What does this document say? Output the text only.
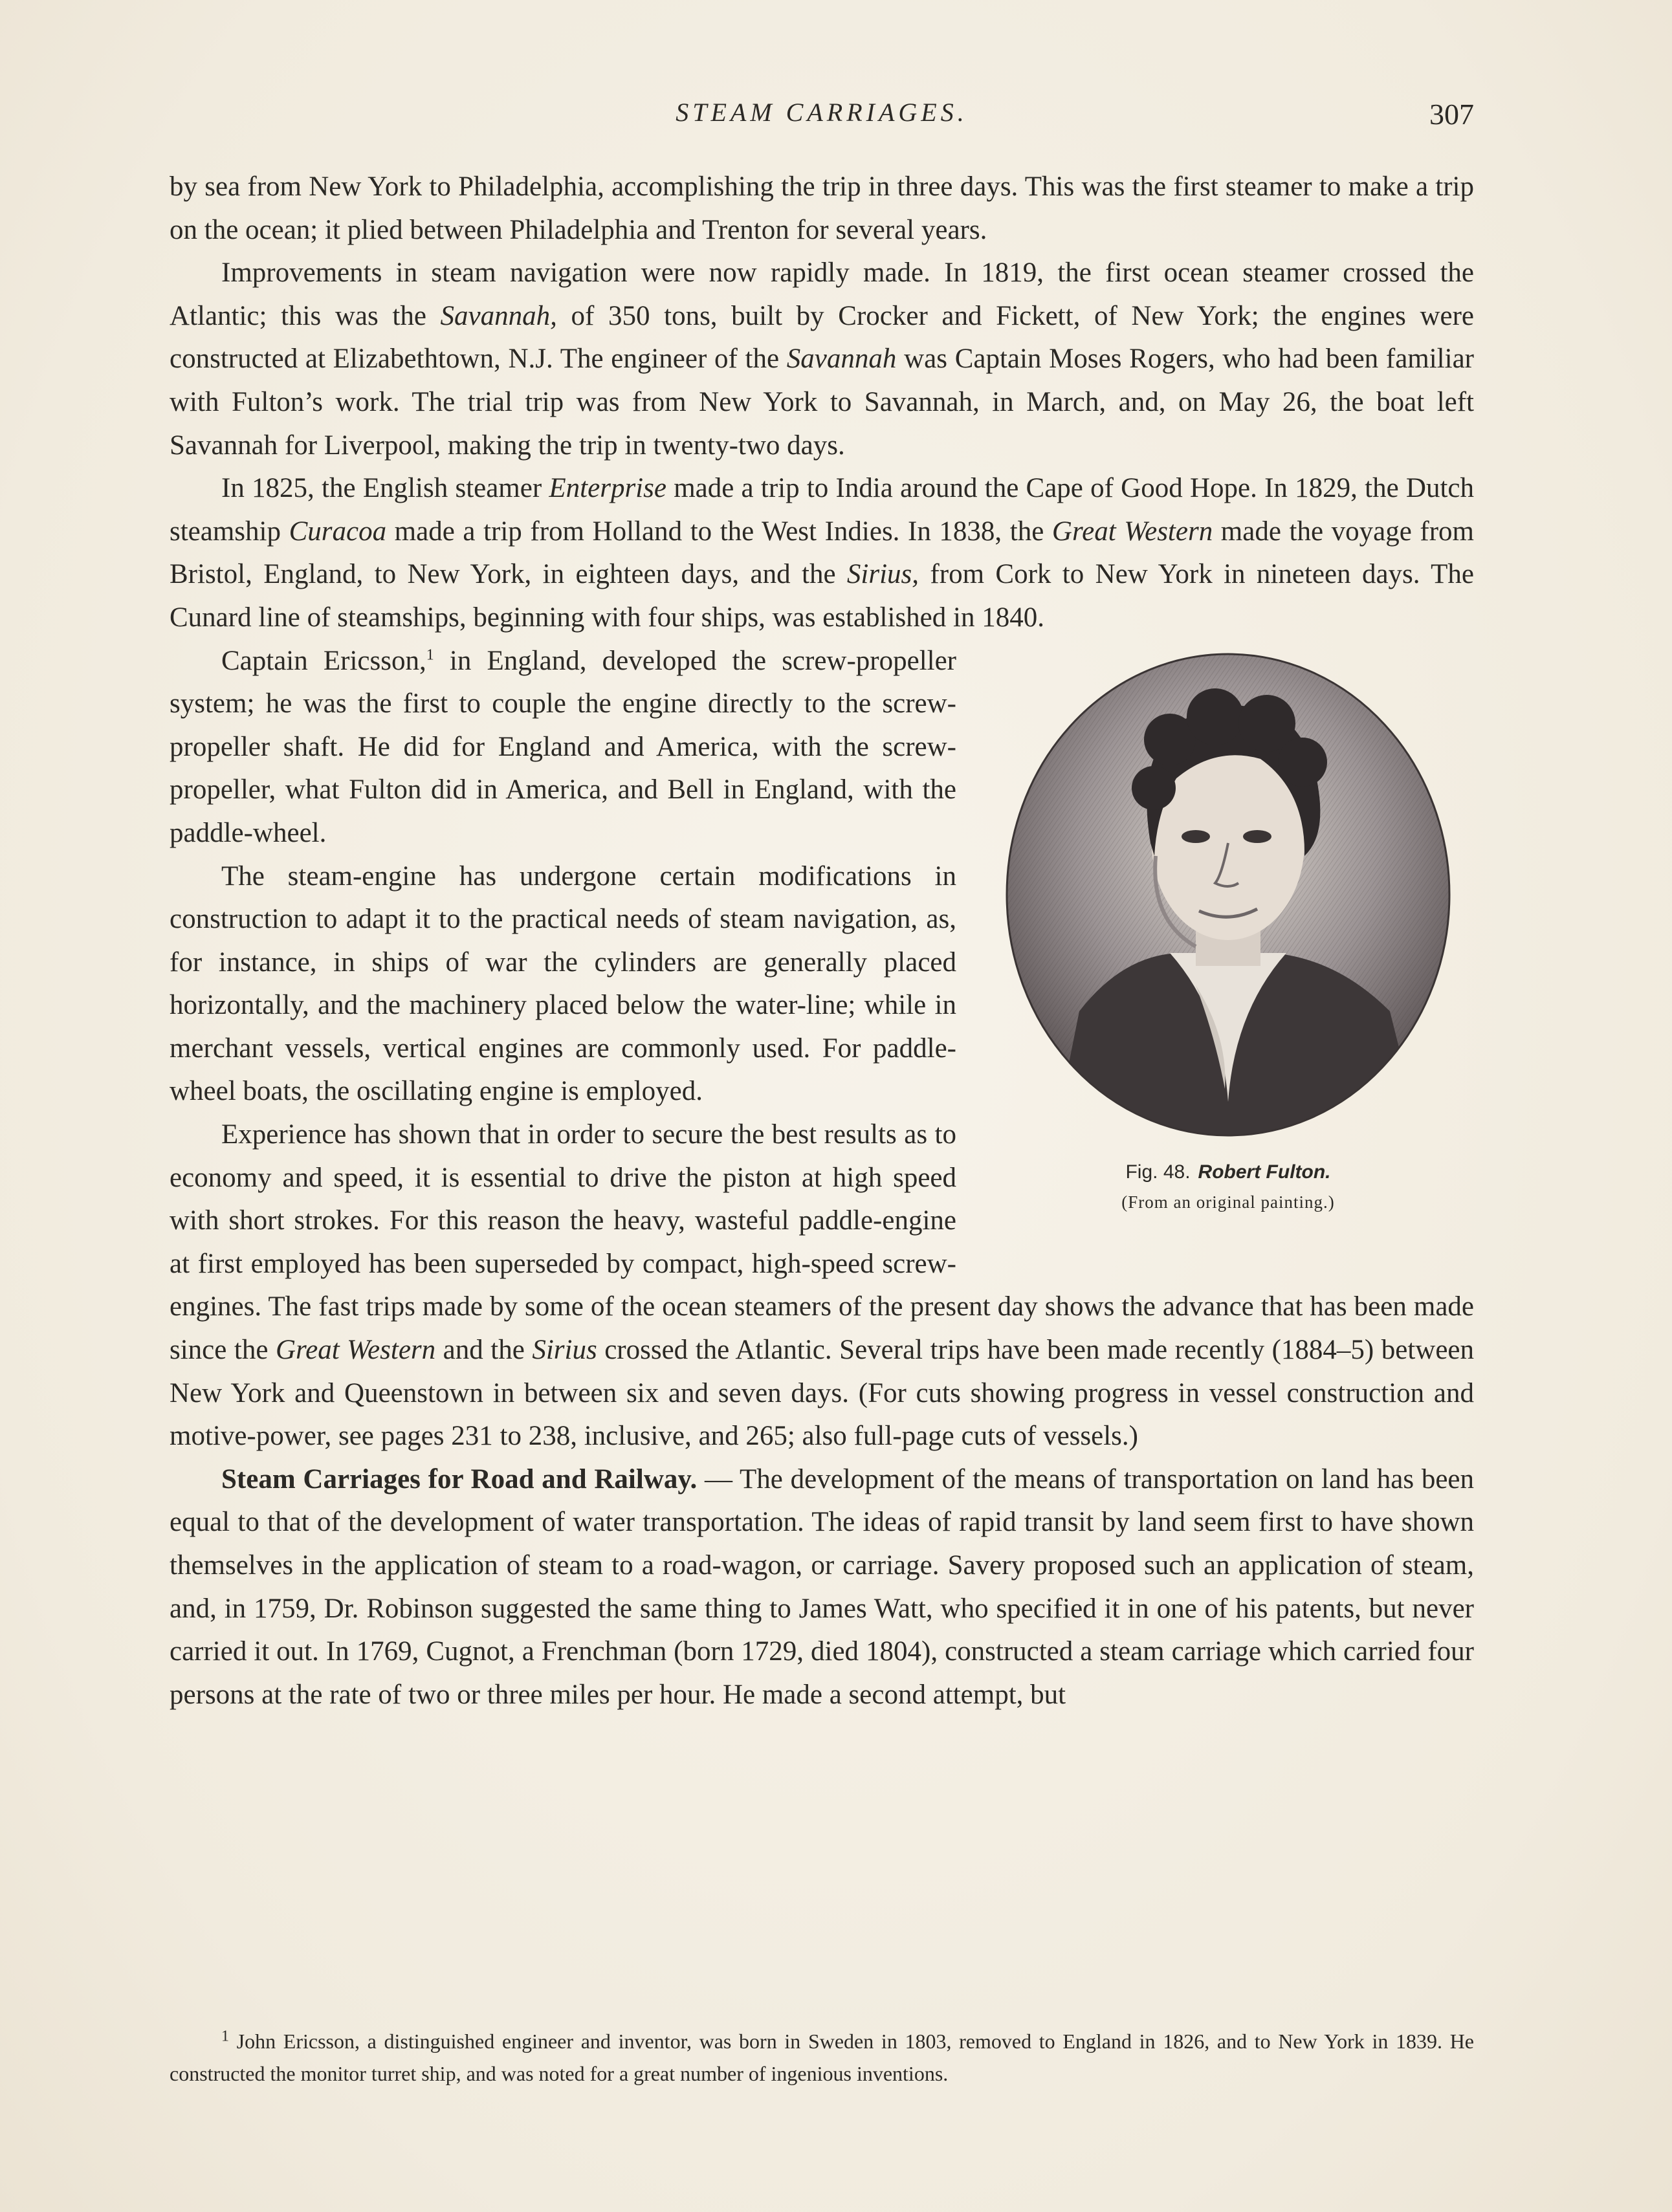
STEAM CARRIAGES.	307

by sea from New York to Philadelphia, accomplishing the trip in three days. This was the first steamer to make a trip on the ocean; it plied between Philadelphia and Trenton for several years.

Improvements in steam navigation were now rapidly made. In 1819, the first ocean steamer crossed the Atlantic; this was the Savannah, of 350 tons, built by Crocker and Fickett, of New York; the engines were constructed at Elizabethtown, N.J. The engineer of the Savannah was Captain Moses Rogers, who had been familiar with Fulton’s work. The trial trip was from New York to Savannah, in March, and, on May 26, the boat left Savannah for Liverpool, making the trip in twenty-two days.

In 1825, the English steamer Enterprise made a trip to India around the Cape of Good Hope. In 1829, the Dutch steamship Curacoa made a trip from Holland to the West Indies. In 1838, the Great Western made the voyage from Bristol, England, to New York, in eighteen days, and the Sirius, from Cork to New York in nineteen days. The Cunard line of steamships, beginning with four ships, was established in 1840.

Fig. 48. Robert Fulton.
(From an original painting.)

Captain Ericsson,$^1$ in England, developed the screw-propeller system; he was the first to couple the engine directly to the screw-propeller shaft. He did for England and America, with the screw-propeller, what Fulton did in America, and Bell in England, with the paddle-wheel.

The steam-engine has undergone certain modifications in construction to adapt it to the practical needs of steam navigation, as, for instance, in ships of war the cylinders are generally placed horizontally, and the machinery placed below the water-line; while in merchant vessels, vertical engines are commonly used. For paddle-wheel boats, the oscillating engine is employed.

Experience has shown that in order to secure the best results as to economy and speed, it is essential to drive the piston at high speed with short strokes. For this reason the heavy, wasteful paddle-engine at first employed has been superseded by compact, high-speed screw-engines. The fast trips made by some of the ocean steamers of the present day shows the advance that has been made since the Great Western and the Sirius crossed the Atlantic. Several trips have been made recently (1884–5) between New York and Queenstown in between six and seven days. (For cuts showing progress in vessel construction and motive-power, see pages 231 to 238, inclusive, and 265; also full-page cuts of vessels.)

Steam Carriages for Road and Railway. — The development of the means of transportation on land has been equal to that of the development of water transportation. The ideas of rapid transit by land seem first to have shown themselves in the application of steam to a road-wagon, or carriage. Savery proposed such an application of steam, and, in 1759, Dr. Robinson suggested the same thing to James Watt, who specified it in one of his patents, but never carried it out. In 1769, Cugnot, a Frenchman (born 1729, died 1804), constructed a steam carriage which carried four persons at the rate of two or three miles per hour. He made a second attempt, but

$^1$ John Ericsson, a distinguished engineer and inventor, was born in Sweden in 1803, removed to England in 1826, and to New York in 1839. He constructed the monitor turret ship, and was noted for a great number of ingenious inventions.
